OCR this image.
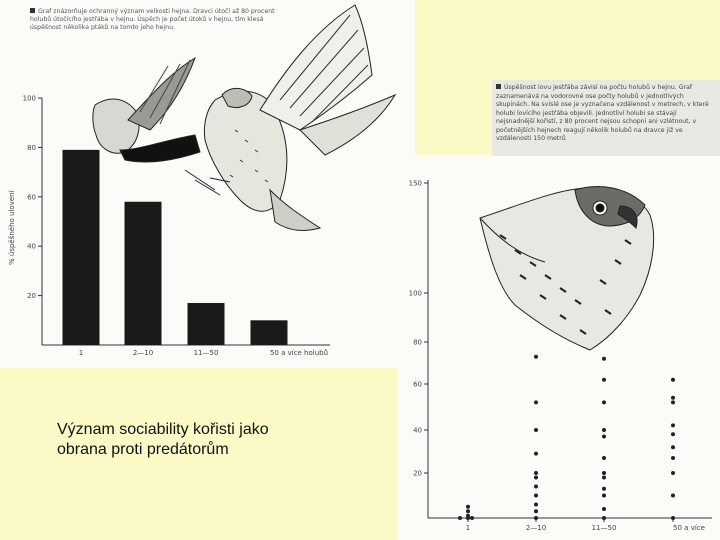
Graf znázorňuje ochranný význam velkosti hejna. Dravci útočí až 80 procent holubů útočícího jestřába v hejnu. Úspěch je počet útoků v hejnu, tím klesá úspěšnost několika ptáků na tomto jeho hejnu.
Úspěšnost lovu jestřába závisí na počtu holubů v hejnu. Graf zaznamenává na vodorovné ose počty holubů v jednotlivých skupinách. Na svislé ose je vyznačena vzdálenost v metrech, v které holubi lovícího jestřába objevili. Jednotliví holubi se stávají nejsnadnější kořistí, z 80 procent nejsou schopni ani vzlétnout, v početnějších hejnech reagují několik holubů na dravce již ve vzdálenosti 150 metrů
% úspěšného ulovení
20
40
60
80
100
1	2—10	11—50	50 a více holubů
20
40
60
80
100
150
1	2—10	11—50	50 a více
Význam sociability kořisti jako
obrana proti predátorům
